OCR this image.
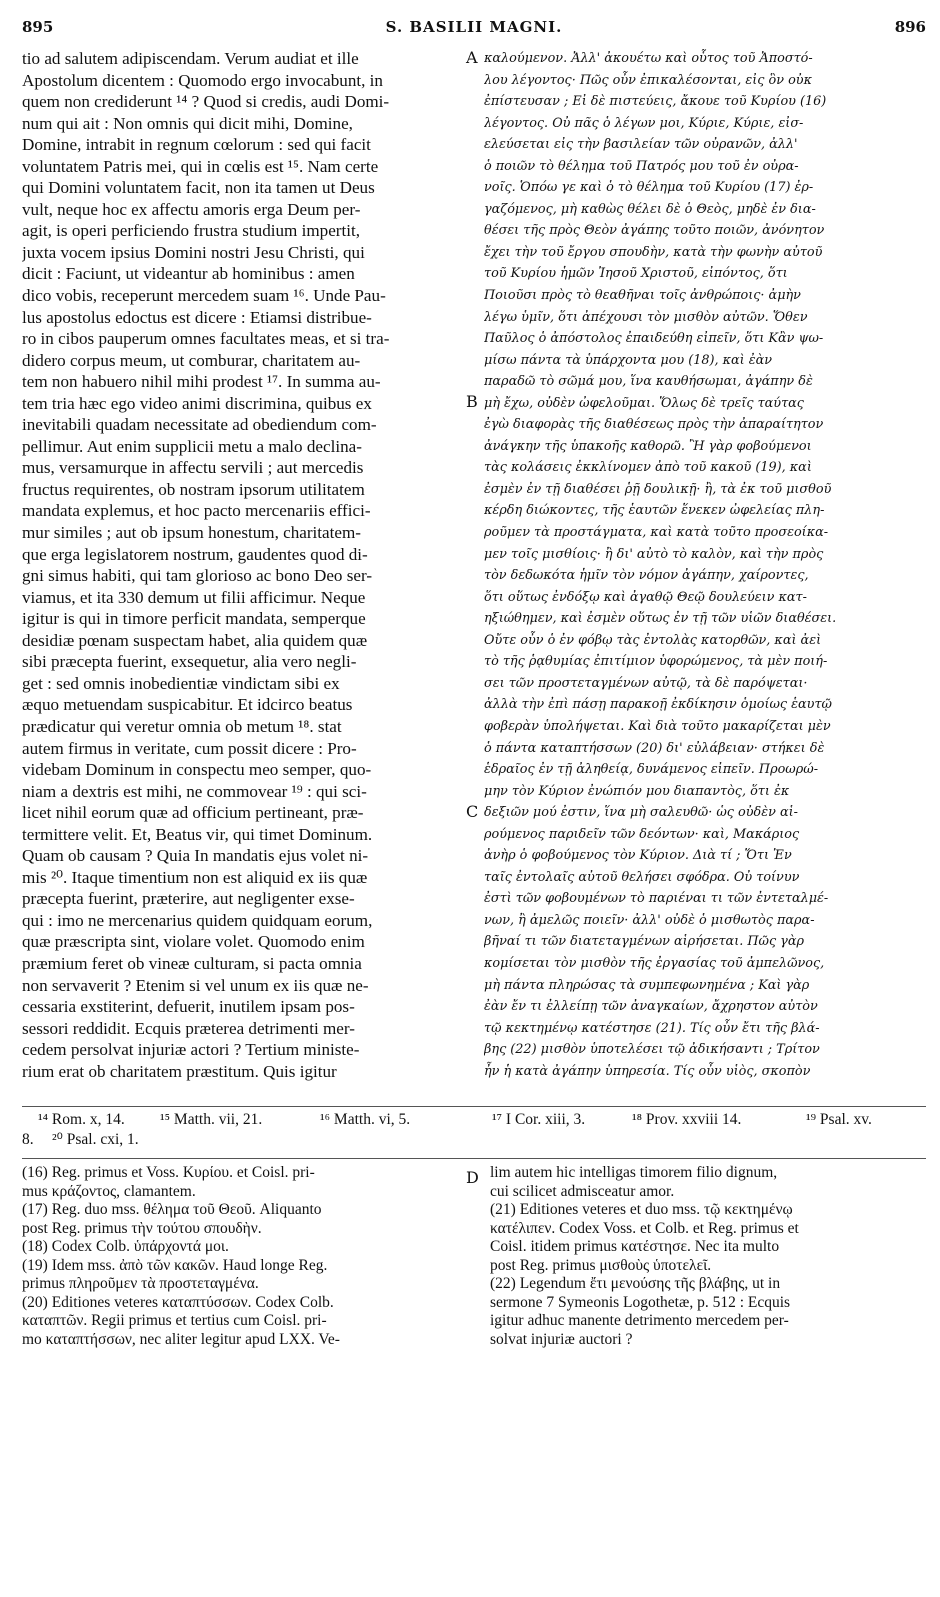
895	S. BASILII MAGNI.	896
tio ad salutem adipiscendam. Verum audiat et ille
Apostolum dicentem : Quomodo ergo invocabunt, in
quem non crediderunt ¹⁴ ? Quod si credis, audi Domi-
num qui ait : Non omnis qui dicit mihi, Domine,
Domine, intrabit in regnum cœlorum : sed qui facit
voluntatem Patris mei, qui in cœlis est ¹⁵. Nam certe
qui Domini voluntatem facit, non ita tamen ut Deus
vult, neque hoc ex affectu amoris erga Deum per-
agit, is operi perficiendo frustra studium impertit,
juxta vocem ipsius Domini nostri Jesu Christi, qui
dicit : Faciunt, ut videantur ab hominibus : amen
dico vobis, receperunt mercedem suam ¹⁶. Unde Pau-
lus apostolus edoctus est dicere : Etiamsi distribue-
ro in cibos pauperum omnes facultates meas, et si tra-
didero corpus meum, ut comburar, charitatem au-
tem non habuero nihil mihi prodest ¹⁷. In summa au-
tem tria hæc ego video animi discrimina, quibus ex
inevitabili quadam necessitate ad obediendum com-
pellimur. Aut enim supplicii metu a malo declina-
mus, versamurque in affectu servili ; aut mercedis
fructus requirentes, ob nostram ipsorum utilitatem
mandata explemus, et hoc pacto mercenariis effici-
mur similes ; aut ob ipsum honestum, charitatem-
que erga legislatorem nostrum, gaudentes quod di-
gni simus habiti, qui tam glorioso ac bono Deo ser-
viamus, et ita 330 demum ut filii afficimur. Neque
igitur is qui in timore perficit mandata, semperque
desidiæ pœnam suspectam habet, alia quidem quæ
sibi præcepta fuerint, exsequetur, alia vero negli-
get : sed omnis inobedientiæ vindictam sibi ex
æquo metuendam suspicabitur. Et idcirco beatus
prædicatur qui veretur omnia ob metum ¹⁸. stat
autem firmus in veritate, cum possit dicere : Pro-
videbam Dominum in conspectu meo semper, quo-
niam a dextris est mihi, ne commovear ¹⁹ : qui sci-
licet nihil eorum quæ ad officium pertineant, præ-
termittere velit. Et, Beatus vir, qui timet Dominum.
Quam ob causam ? Quia In mandatis ejus volet ni-
mis ²⁰. Itaque timentium non est aliquid ex iis quæ
præcepta fuerint, præterire, aut negligenter exse-
qui : imo ne mercenarius quidem quidquam eorum,
quæ præscripta sint, violare volet. Quomodo enim
præmium feret ob vineæ culturam, si pacta omnia
non servaverit ? Etenim si vel unum ex iis quæ ne-
cessaria exstiterint, defuerit, inutilem ipsam pos-
sessori reddidit. Ecquis præterea detrimenti mer-
cedem persolvat injuriæ actori ? Tertium ministe-
rium erat ob charitatem præstitum. Quis igitur
καλούμενον. Ἀλλ' ἀκουέτω καὶ οὗτος τοῦ Ἀποστό-
λου λέγοντος· Πῶς οὖν ἐπικαλέσονται, εἰς ὃν οὐκ
ἐπίστευσαν ; Εἰ δὲ πιστεύεις, ἄκουε τοῦ Κυρίου (16)
λέγοντος. Οὐ πᾶς ὁ λέγων μοι, Κύριε, Κύριε, εἰσ-
ελεύσεται εἰς τὴν βασιλείαν τῶν οὐρανῶν, ἀλλ'
ὁ ποιῶν τὸ θέλημα τοῦ Πατρός μου τοῦ ἐν οὐρα-
νοῖς. Ὁπόω γε καὶ ὁ τὸ θέλημα τοῦ Κυρίου (17) ἐρ-
γαζόμενος, μὴ καθὼς θέλει δὲ ὁ Θεὸς, μηδὲ ἐν δια-
θέσει τῆς πρὸς Θεὸν ἀγάπης τοῦτο ποιῶν, ἀνόνητον
ἔχει τὴν τοῦ ἔργου σπουδὴν, κατὰ τὴν φωνὴν αὐτοῦ
τοῦ Κυρίου ἡμῶν Ἰησοῦ Χριστοῦ, εἰπόντος, ὅτι
Ποιοῦσι πρὸς τὸ θεαθῆναι τοῖς ἀνθρώποις· ἀμὴν
λέγω ὑμῖν, ὅτι ἀπέχουσι τὸν μισθὸν αὐτῶν. Ὅθεν
Παῦλος ὁ ἀπόστολος ἐπαιδεύθη εἰπεῖν, ὅτι Κἂν ψω-
μίσω πάντα τὰ ὑπάρχοντα μου (18), καὶ ἐὰν
παραδῶ τὸ σῶμά μου, ἵνα καυθήσωμαι, ἀγάπην δὲ
μὴ ἔχω, οὐδὲν ὠφελοῦμαι. Ὅλως δὲ τρεῖς ταύτας
ἐγὼ διαφορὰς τῆς διαθέσεως πρὸς τὴν ἀπαραίτητον
ἀνάγκην τῆς ὑπακοῆς καθορῶ. Ἢ γὰρ φοβούμενοι
τὰς κολάσεις ἐκκλίνομεν ἀπὸ τοῦ κακοῦ (19), καὶ
ἐσμὲν ἐν τῇ διαθέσει ῥῇ δουλικῇ· ἢ, τὰ ἐκ τοῦ μισθοῦ
κέρδη διώκοντες, τῆς ἑαυτῶν ἕνεκεν ὠφελείας πλη-
ροῦμεν τὰ προστάγματα, καὶ κατὰ τοῦτο προσεοίκα-
μεν τοῖς μισθίοις· ἢ δι' αὐτὸ τὸ καλὸν, καὶ τὴν πρὸς
τὸν δεδωκότα ἡμῖν τὸν νόμον ἀγάπην, χαίροντες,
ὅτι οὕτως ἐνδόξῳ καὶ ἀγαθῷ Θεῷ δουλεύειν κατ-
ηξιώθημεν, καὶ ἐσμὲν οὕτως ἐν τῇ τῶν υἱῶν διαθέσει.
Οὔτε οὖν ὁ ἐν φόβῳ τὰς ἐντολὰς κατορθῶν, καὶ ἀεὶ
τὸ τῆς ῥᾳθυμίας ἐπιτίμιον ὑφορώμενος, τὰ μὲν ποιή-
σει τῶν προστεταγμένων αὐτῷ, τὰ δὲ παρόψεται·
ἀλλὰ τὴν ἐπὶ πάσῃ παρακοῇ ἐκδίκησιν ὁμοίως ἑαυτῷ
φοβερὰν ὑπολήψεται. Καὶ διὰ τοῦτο μακαρίζεται μὲν
ὁ πάντα καταπτήσσων (20) δι' εὐλάβειαν· στήκει δὲ
ἑδραῖος ἐν τῇ ἀληθείᾳ, δυνάμενος εἰπεῖν. Προωρώ-
μην τὸν Κύριον ἐνώπιόν μου διαπαντὸς, ὅτι ἐκ
δεξιῶν μού ἐστιν, ἵνα μὴ σαλευθῶ· ὡς οὐδὲν αἱ-
ρούμενος παριδεῖν τῶν δεόντων· καὶ, Μακάριος
ἀνὴρ ὁ φοβούμενος τὸν Κύριον. Διὰ τί ; Ὅτι Ἐν
ταῖς ἐντολαῖς αὐτοῦ θελήσει σφόδρα. Οὐ τοίνυν
ἐστὶ τῶν φοβουμένων τὸ παριέναι τι τῶν ἐντεταλμέ-
νων, ἢ ἀμελῶς ποιεῖν· ἀλλ' οὐδὲ ὁ μισθωτὸς παρα-
βῆναί τι τῶν διατεταγμένων αἱρήσεται. Πῶς γὰρ
κομίσεται τὸν μισθὸν τῆς ἐργασίας τοῦ ἀμπελῶνος,
μὴ πάντα πληρώσας τὰ συμπεφωνημένα ; Καὶ γὰρ
ἐὰν ἔν τι ἐλλείπῃ τῶν ἀναγκαίων, ἄχρηστον αὐτὸν
τῷ κεκτημένῳ κατέστησε (21). Τίς οὖν ἔτι τῆς βλά-
βης (22) μισθὸν ὑποτελέσει τῷ ἀδικήσαντι ; Τρίτον
ἦν ἡ κατὰ ἀγάπην ὑπηρεσία. Τίς οὖν υἱὸς, σκοπὸν
A
B
C
D
¹⁴ Rom. x, 14. ¹⁵ Matth. vii, 21.	¹⁶ Matth. vi, 5.
8. ²⁰ Psal. cxi, 1.
¹⁷ I Cor. xiii, 3.	¹⁸ Prov. xxviii 14.	¹⁹ Psal. xv.
(16) Reg. primus et Voss. Κυρίου. et Coisl. pri-
mus κράζοντος, clamantem.
(17) Reg. duo mss. θέλημα τοῦ Θεοῦ. Aliquanto
post Reg. primus τὴν τούτου σπουδὴν.
(18) Codex Colb. ὑπάρχοντά μοι.
(19) Idem mss. ἀπὸ τῶν κακῶν. Haud longe Reg.
primus πληροῦμεν τὰ προστεταγμένα.
(20) Editiones veteres καταπτύσσων. Codex Colb.
καταπτῶν. Regii primus et tertius cum Coisl. pri-
mo καταπτήσσων, nec aliter legitur apud LXX. Ve-
lim autem hic intelligas timorem filio dignum,
cui scilicet admisceatur amor.
(21) Editiones veteres et duo mss. τῷ κεκτημένῳ
κατέλιπεν. Codex Voss. et Colb. et Reg. primus et
Coisl. itidem primus κατέστησε. Nec ita multo
post Reg. primus μισθοὺς ὑποτελεῖ.
(22) Legendum ἔτι μενούσης τῆς βλάβης, ut in
sermone 7 Symeonis Logothetæ, p. 512 : Ecquis
igitur adhuc manente detrimento mercedem per-
solvat injuriæ auctori ?
